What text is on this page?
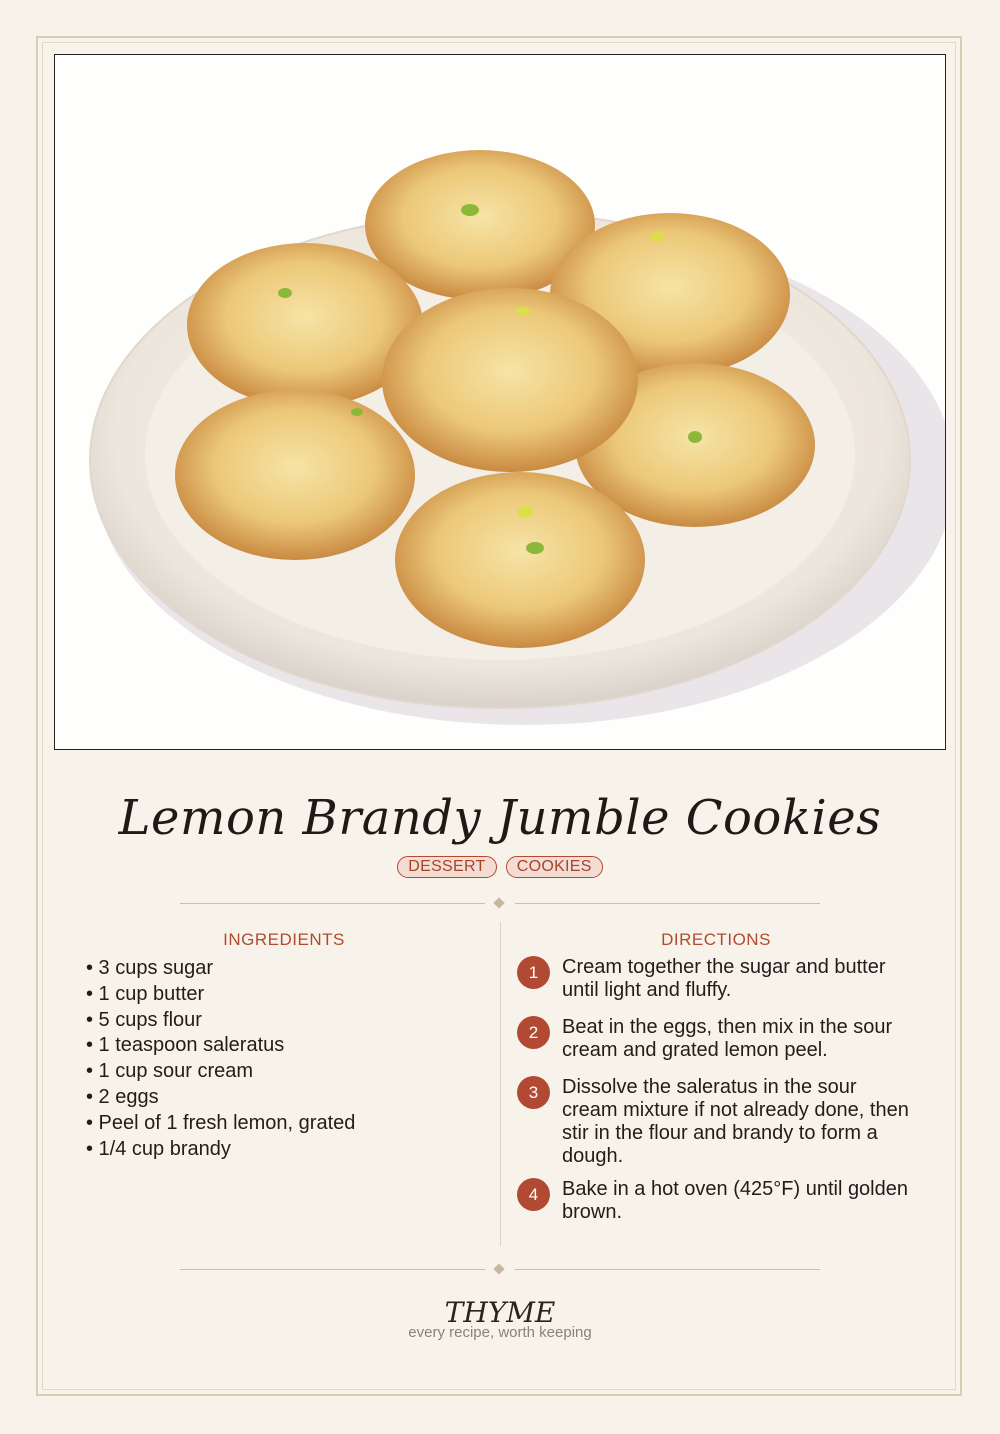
Lemon Brandy Jumble Cookies
DESSERT COOKIES
INGREDIENTS	DIRECTIONS
• 3 cups sugar
• 1 cup butter
• 5 cups flour
• 1 teaspoon saleratus
• 1 cup sour cream
• 2 eggs
• Peel of 1 fresh lemon, grated
• 1/4 cup brandy
1	Cream together the sugar and butter until light and fluffy.
2	Beat in the eggs, then mix in the sour cream and grated lemon peel.
3	Dissolve the saleratus in the sour cream mixture if not already done, then stir in the flour and brandy to form a dough.
4	Bake in a hot oven (425°F) until golden brown.
THYME
every recipe, worth keeping
